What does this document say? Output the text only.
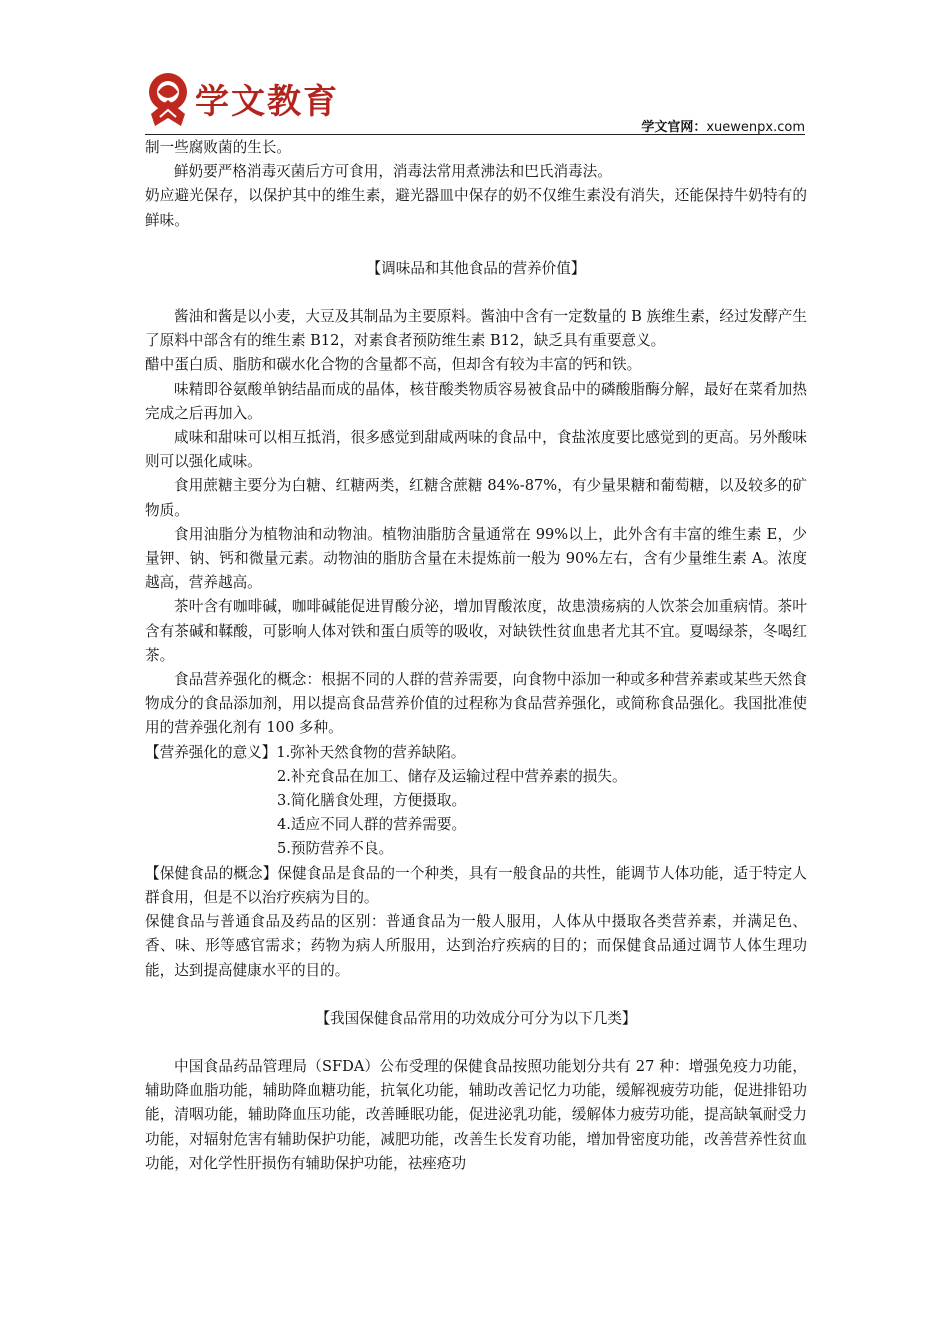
学文教育
学文官网：xuewenpx.com

制一些腐败菌的生长。

鲜奶要严格消毒灭菌后方可食用，消毒法常用煮沸法和巴氏消毒法。

奶应避光保存，以保护其中的维生素，避光器皿中保存的奶不仅维生素没有消失，还能保持牛奶特有的鲜味。

【调味品和其他食品的营养价值】

酱油和酱是以小麦，大豆及其制品为主要原料。酱油中含有一定数量的 B 族维生素，经过发酵产生了原料中部含有的维生素 B12，对素食者预防维生素 B12，缺乏具有重要意义。

醋中蛋白质、脂肪和碳水化合物的含量都不高，但却含有较为丰富的钙和铁。

味精即谷氨酸单钠结晶而成的晶体，核苷酸类物质容易被食品中的磷酸脂酶分解，最好在菜肴加热完成之后再加入。

咸味和甜味可以相互抵消，很多感觉到甜咸两味的食品中，食盐浓度要比感觉到的更高。另外酸味则可以强化咸味。

食用蔗糖主要分为白糖、红糖两类，红糖含蔗糖 84%-87%，有少量果糖和葡萄糖，以及较多的矿物质。

食用油脂分为植物油和动物油。植物油脂肪含量通常在 99%以上，此外含有丰富的维生素 E，少量钾、钠、钙和微量元素。动物油的脂肪含量在未提炼前一般为 90%左右，含有少量维生素 A。浓度越高，营养越高。

茶叶含有咖啡碱，咖啡碱能促进胃酸分泌，增加胃酸浓度，故患溃疡病的人饮茶会加重病情。茶叶含有茶碱和鞣酸，可影响人体对铁和蛋白质等的吸收，对缺铁性贫血患者尤其不宜。夏喝绿茶，冬喝红茶。

食品营养强化的概念：根据不同的人群的营养需要，向食物中添加一种或多种营养素或某些天然食物成分的食品添加剂，用以提高食品营养价值的过程称为食品营养强化，或简称食品强化。我国批准使用的营养强化剂有 100 多种。

【营养强化的意义】1.弥补天然食物的营养缺陷。

2.补充食品在加工、储存及运输过程中营养素的损失。

3.简化膳食处理，方便摄取。

4.适应不同人群的营养需要。

5.预防营养不良。

【保健食品的概念】保健食品是食品的一个种类，具有一般食品的共性，能调节人体功能，适于特定人群食用，但是不以治疗疾病为目的。

保健食品与普通食品及药品的区别：普通食品为一般人服用，人体从中摄取各类营养素，并满足色、香、味、形等感官需求；药物为病人所服用，达到治疗疾病的目的；而保健食品通过调节人体生理功能，达到提高健康水平的目的。

【我国保健食品常用的功效成分可分为以下几类】

中国食品药品管理局（SFDA）公布受理的保健食品按照功能划分共有 27 种：增强免疫力功能，辅助降血脂功能，辅助降血糖功能，抗氧化功能，辅助改善记忆力功能，缓解视疲劳功能，促进排铅功能，清咽功能，辅助降血压功能，改善睡眠功能，促进泌乳功能，缓解体力疲劳功能，提高缺氧耐受力功能，对辐射危害有辅助保护功能，减肥功能，改善生长发育功能，增加骨密度功能，改善营养性贫血功能，对化学性肝损伤有辅助保护功能，祛痤疮功
